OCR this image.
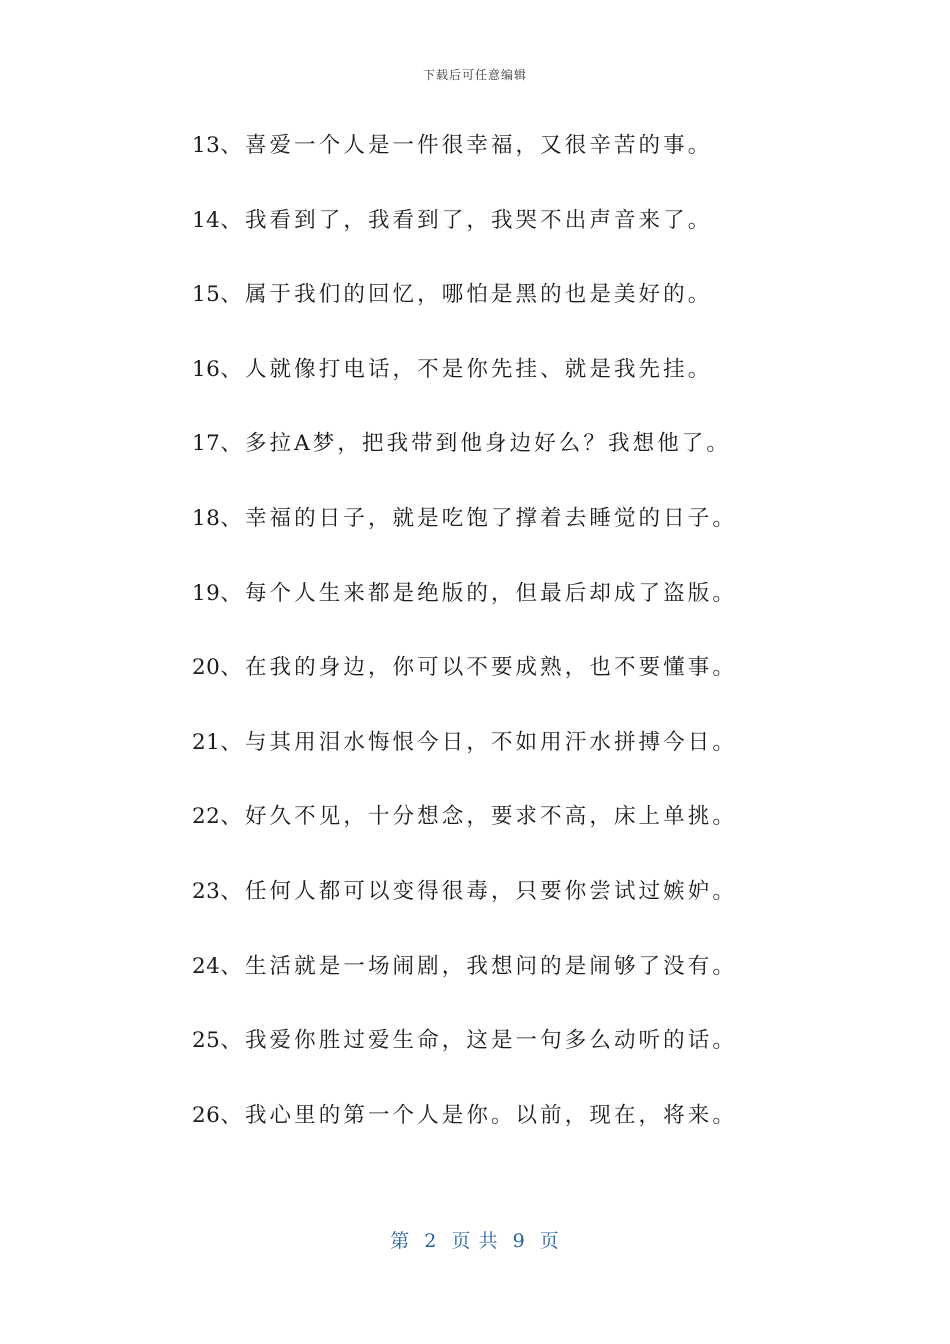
下载后可任意编辑
13、喜爱一个人是一件很幸福，又很辛苦的事。
14、我看到了，我看到了，我哭不出声音来了。
15、属于我们的回忆，哪怕是黑的也是美好的。
16、人就像打电话，不是你先挂、就是我先挂。
17、多拉A梦，把我带到他身边好么？我想他了。
18、幸福的日子，就是吃饱了撑着去睡觉的日子。
19、每个人生来都是绝版的，但最后却成了盗版。
20、在我的身边，你可以不要成熟，也不要懂事。
21、与其用泪水悔恨今日，不如用汗水拼搏今日。
22、好久不见，十分想念，要求不高，床上单挑。
23、任何人都可以变得很毒，只要你尝试过嫉妒。
24、生活就是一场闹剧，我想问的是闹够了没有。
25、我爱你胜过爱生命，这是一句多么动听的话。
26、我心里的第一个人是你。以前，现在，将来。
第  2  页 共  9  页
